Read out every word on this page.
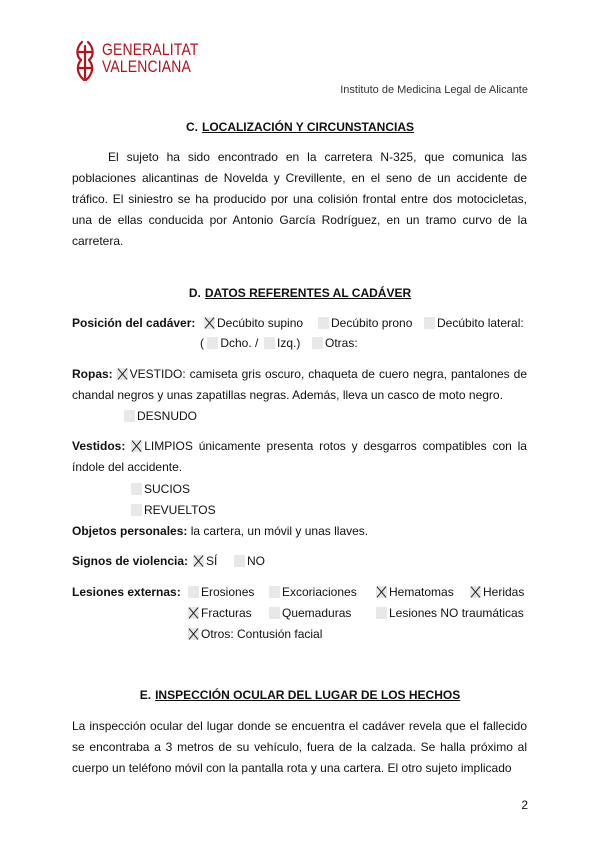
GENERALITAT
VALENCIANA
Instituto de Medicina Legal de Alicante
C. LOCALIZACIÓN Y CIRCUNSTANCIAS
El sujeto ha sido encontrado en la carretera N-325, que comunica las poblaciones alicantinas de Novelda y Crevillente, en el seno de un accidente de tráfico. El siniestro se ha producido por una colisión frontal entre dos motocicletas, una de ellas conducida por Antonio García Rodríguez, en un tramo curvo de la carretera.
D. DATOS REFERENTES AL CADÁVER
Posición del cadáver:	Decúbito supino	Decúbito prono	Decúbito lateral:
( Dcho. /	Izq.)	Otras:
Ropas: VESTIDO: camiseta gris oscuro, chaqueta de cuero negra, pantalones de chandal negros y unas zapatillas negras. Además, lleva un casco de moto negro.
DESNUDO
Vestidos: LIMPIOS únicamente presenta rotos y desgarros compatibles con la índole del accidente.
SUCIOS
REVUELTOS
Objetos personales: la cartera, un móvil y unas llaves.
Signos de violencia:	SÍ	NO
Lesiones externas:	Erosiones	Excoriaciones	Hematomas	Heridas
Fracturas	Quemaduras	Lesiones NO traumáticas
Otros: Contusión facial
E. INSPECCIÓN OCULAR DEL LUGAR DE LOS HECHOS
La inspección ocular del lugar donde se encuentra el cadáver revela que el fallecido se encontraba a 3 metros de su vehículo, fuera de la calzada. Se halla próximo al cuerpo un teléfono móvil con la pantalla rota y una cartera. El otro sujeto implicado
2
